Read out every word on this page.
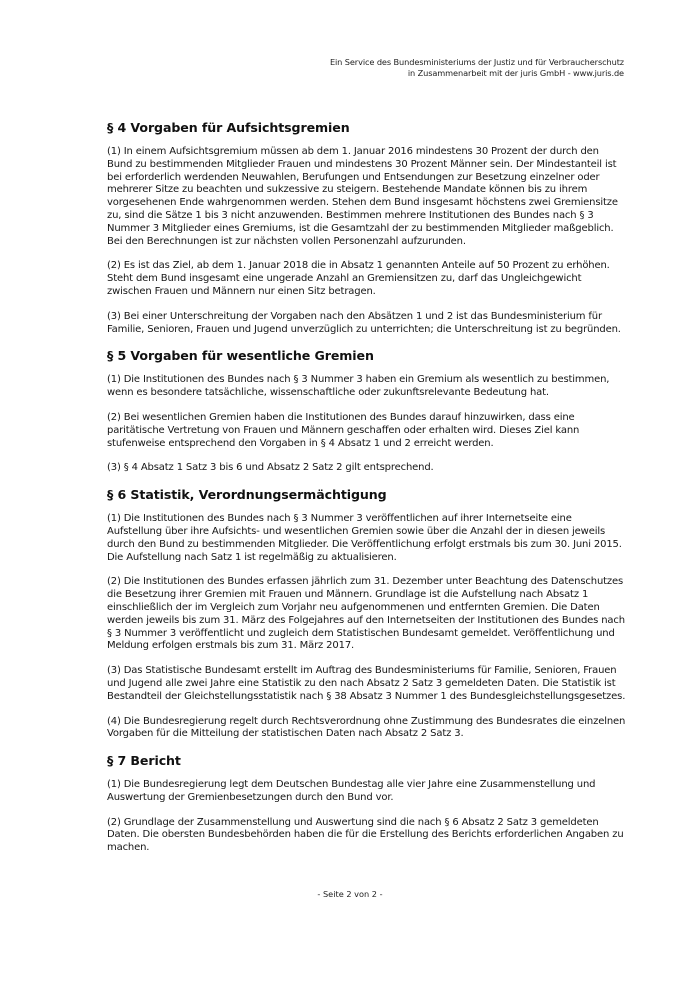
Ein Service des Bundesministeriums der Justiz und für Verbraucherschutz
in Zusammenarbeit mit der juris GmbH - www.juris.de
§ 4 Vorgaben für Aufsichtsgremien

(1) In einem Aufsichtsgremium müssen ab dem 1. Januar 2016 mindestens 30 Prozent der durch den Bund zu bestimmenden Mitglieder Frauen und mindestens 30 Prozent Männer sein. Der Mindestanteil ist bei erforderlich werdenden Neuwahlen, Berufungen und Entsendungen zur Besetzung einzelner oder mehrerer Sitze zu beachten und sukzessive zu steigern. Bestehende Mandate können bis zu ihrem vorgesehenen Ende wahrgenommen werden. Stehen dem Bund insgesamt höchstens zwei Gremiensitze zu, sind die Sätze 1 bis 3 nicht anzuwenden. Bestimmen mehrere Institutionen des Bundes nach § 3 Nummer 3 Mitglieder eines Gremiums, ist die Gesamtzahl der zu bestimmenden Mitglieder maßgeblich. Bei den Berechnungen ist zur nächsten vollen Personenzahl aufzurunden.

(2) Es ist das Ziel, ab dem 1. Januar 2018 die in Absatz 1 genannten Anteile auf 50 Prozent zu erhöhen. Steht dem Bund insgesamt eine ungerade Anzahl an Gremiensitzen zu, darf das Ungleichgewicht zwischen Frauen und Männern nur einen Sitz betragen.

(3) Bei einer Unterschreitung der Vorgaben nach den Absätzen 1 und 2 ist das Bundesministerium für Familie, Senioren, Frauen und Jugend unverzüglich zu unterrichten; die Unterschreitung ist zu begründen.

§ 5 Vorgaben für wesentliche Gremien

(1) Die Institutionen des Bundes nach § 3 Nummer 3 haben ein Gremium als wesentlich zu bestimmen, wenn es besondere tatsächliche, wissenschaftliche oder zukunftsrelevante Bedeutung hat.

(2) Bei wesentlichen Gremien haben die Institutionen des Bundes darauf hinzuwirken, dass eine paritätische Vertretung von Frauen und Männern geschaffen oder erhalten wird. Dieses Ziel kann stufenweise entsprechend den Vorgaben in § 4 Absatz 1 und 2 erreicht werden.

(3) § 4 Absatz 1 Satz 3 bis 6 und Absatz 2 Satz 2 gilt entsprechend.

§ 6 Statistik, Verordnungsermächtigung

(1) Die Institutionen des Bundes nach § 3 Nummer 3 veröffentlichen auf ihrer Internetseite eine Aufstellung über ihre Aufsichts- und wesentlichen Gremien sowie über die Anzahl der in diesen jeweils durch den Bund zu bestimmenden Mitglieder. Die Veröffentlichung erfolgt erstmals bis zum 30. Juni 2015. Die Aufstellung nach Satz 1 ist regelmäßig zu aktualisieren.

(2) Die Institutionen des Bundes erfassen jährlich zum 31. Dezember unter Beachtung des Datenschutzes die Besetzung ihrer Gremien mit Frauen und Männern. Grundlage ist die Aufstellung nach Absatz 1 einschließlich der im Vergleich zum Vorjahr neu aufgenommenen und entfernten Gremien. Die Daten werden jeweils bis zum 31. März des Folgejahres auf den Internetseiten der Institutionen des Bundes nach § 3 Nummer 3 veröffentlicht und zugleich dem Statistischen Bundesamt gemeldet. Veröffentlichung und Meldung erfolgen erstmals bis zum 31. März 2017.

(3) Das Statistische Bundesamt erstellt im Auftrag des Bundesministeriums für Familie, Senioren, Frauen und Jugend alle zwei Jahre eine Statistik zu den nach Absatz 2 Satz 3 gemeldeten Daten. Die Statistik ist Bestandteil der Gleichstellungsstatistik nach § 38 Absatz 3 Nummer 1 des Bundesgleichstellungsgesetzes.

(4) Die Bundesregierung regelt durch Rechtsverordnung ohne Zustimmung des Bundesrates die einzelnen Vorgaben für die Mitteilung der statistischen Daten nach Absatz 2 Satz 3.

§ 7 Bericht

(1) Die Bundesregierung legt dem Deutschen Bundestag alle vier Jahre eine Zusammenstellung und Auswertung der Gremienbesetzungen durch den Bund vor.

(2) Grundlage der Zusammenstellung und Auswertung sind die nach § 6 Absatz 2 Satz 3 gemeldeten Daten. Die obersten Bundesbehörden haben die für die Erstellung des Berichts erforderlichen Angaben zu machen.

- Seite 2 von 2 -
